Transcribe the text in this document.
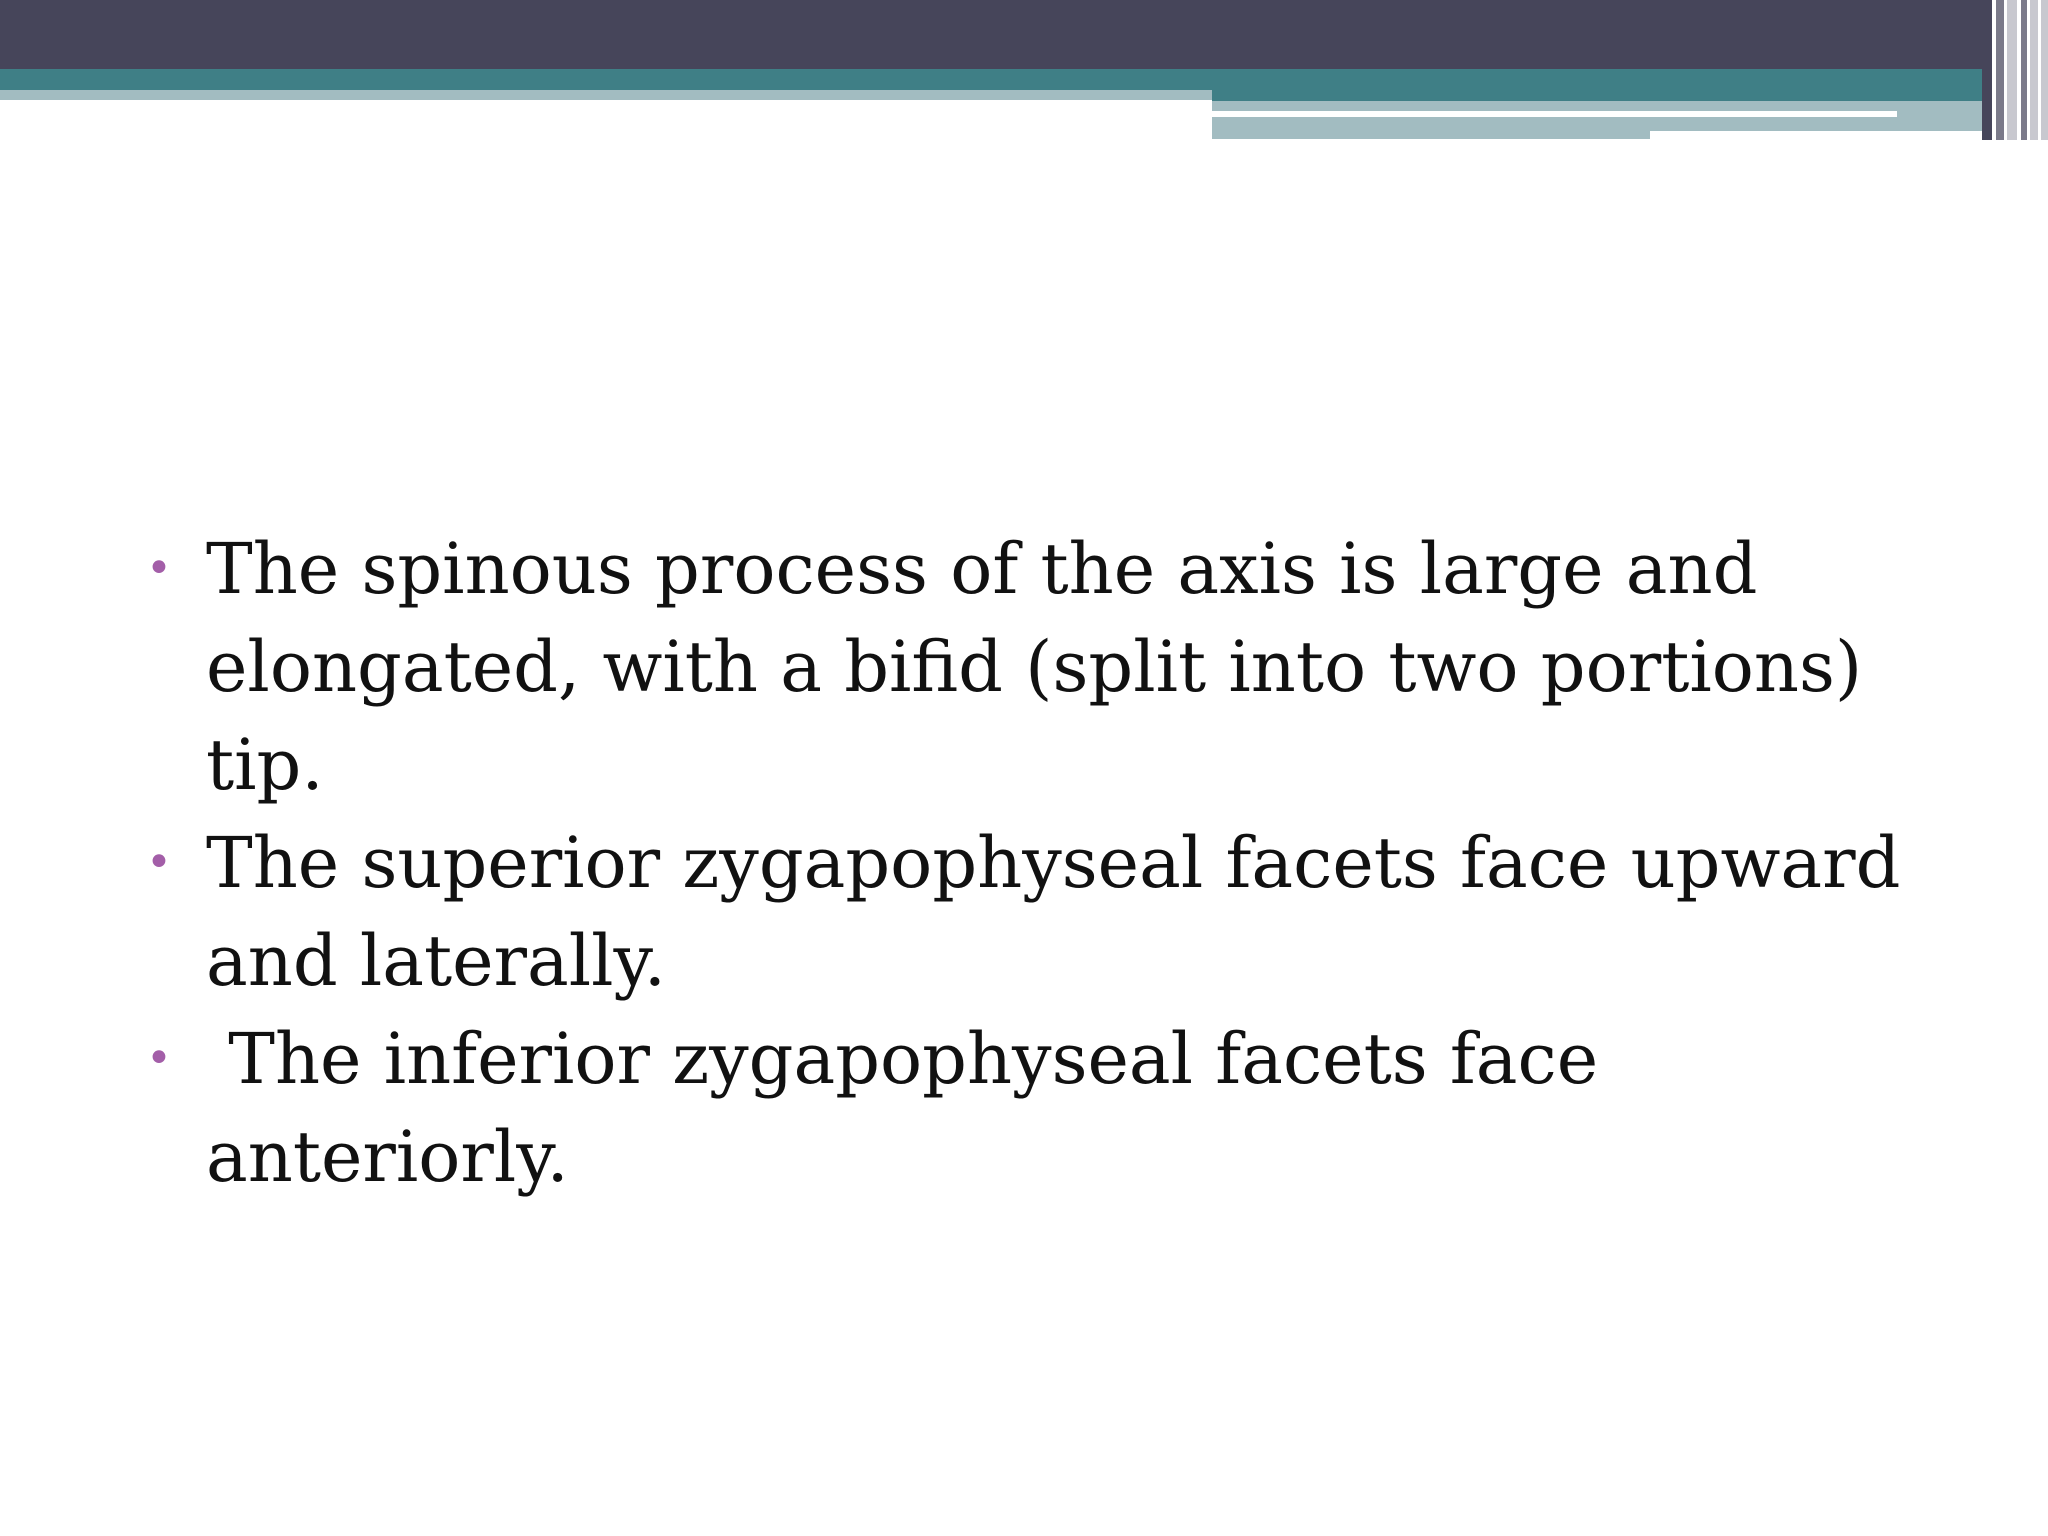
• The spinous process of the axis is large and elongated, with a bifid (split into two portions) tip.
• The superior zygapophyseal facets face upward and laterally.
• The inferior zygapophyseal facets face anteriorly.
